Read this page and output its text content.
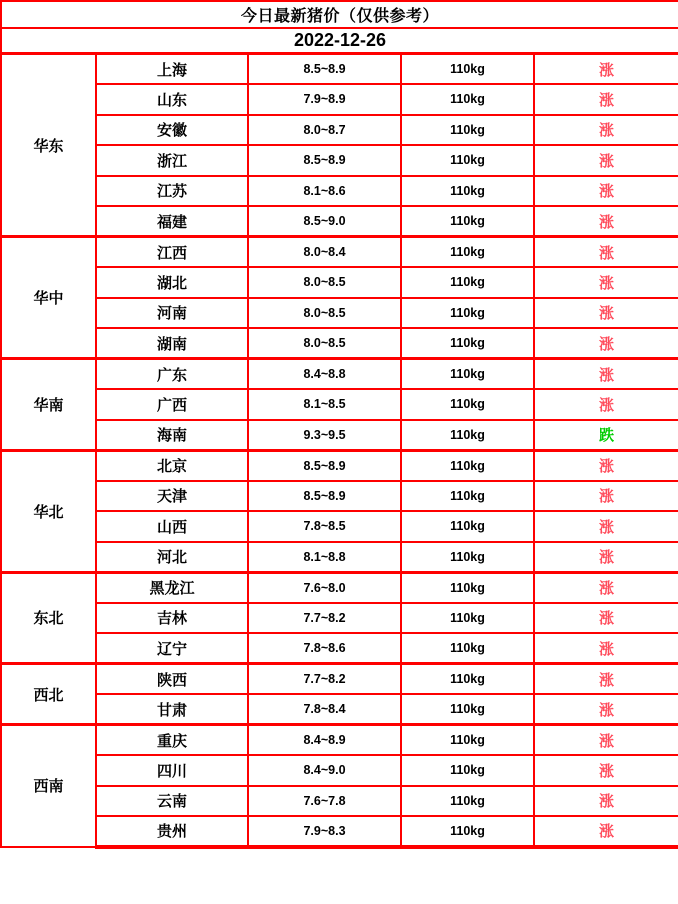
今日最新猪价（仅供参考）				
2022-12-26				
华东	上海	8.5~8.9	110kg	涨
	山东	7.9~8.9	110kg	涨
	安徽	8.0~8.7	110kg	涨
	浙江	8.5~8.9	110kg	涨
	江苏	8.1~8.6	110kg	涨
	福建	8.5~9.0	110kg	涨
华中	江西	8.0~8.4	110kg	涨
	湖北	8.0~8.5	110kg	涨
	河南	8.0~8.5	110kg	涨
	湖南	8.0~8.5	110kg	涨
华南	广东	8.4~8.8	110kg	涨
	广西	8.1~8.5	110kg	涨
	海南	9.3~9.5	110kg	跌
华北	北京	8.5~8.9	110kg	涨
	天津	8.5~8.9	110kg	涨
	山西	7.8~8.5	110kg	涨
	河北	8.1~8.8	110kg	涨
东北	黑龙江	7.6~8.0	110kg	涨
	吉林	7.7~8.2	110kg	涨
	辽宁	7.8~8.6	110kg	涨
西北	陕西	7.7~8.2	110kg	涨
	甘肃	7.8~8.4	110kg	涨
西南	重庆	8.4~8.9	110kg	涨
	四川	8.4~9.0	110kg	涨
	云南	7.6~7.8	110kg	涨
	贵州	7.9~8.3	110kg	涨
